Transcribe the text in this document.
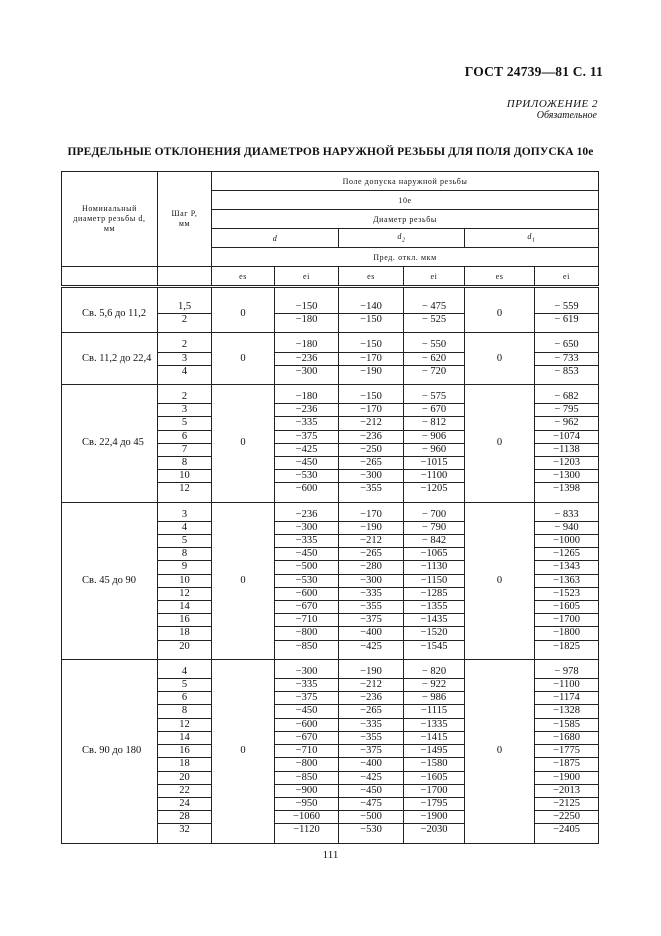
ГОСТ 24739—81 С. 11
ПРИЛОЖЕНИЕ 2
Обязательное
ПРЕДЕЛЬНЫЕ ОТКЛОНЕНИЯ ДИАМЕТРОВ НАРУЖНОЙ РЕЗЬБЫ ДЛЯ ПОЛЯ ДОПУСКА 10е
Номинальный
диаметр резьбы d,
мм	Шаг P,
мм	Поле допуска наружной резьбы					
		10е					
		Диаметр резьбы					
		d		$d_2$		$d_1$
		Пред. откл. мкм					
		es	ei	es	ei	es	ei

Св. 5,6 до 11,2	1,5	0	−150	−140	− 475	0	− 559
	2		−180	−150	− 525		− 619

Св. 11,2 до 22,4	2	0	−180	−150	− 550	0	− 650
	3		−236	−170	− 620		− 733
	4		−300	−190	− 720		− 853

Св. 22,4 до 45	2	0	−180	−150	− 575	0	− 682
	3		−236	−170	− 670		− 795
	5		−335	−212	− 812		− 962
	6		−375	−236	− 906		−1074
	7		−425	−250	− 960		−1138
	8		−450	−265	−1015		−1203
	10		−530	−300	−1100		−1300
	12		−600	−355	−1205		−1398

Св. 45 до 90	3	0	−236	−170	− 700	0	− 833
	4		−300	−190	− 790		− 940
	5		−335	−212	− 842		−1000
	8		−450	−265	−1065		−1265
	9		−500	−280	−1130		−1343
	10		−530	−300	−1150		−1363
	12		−600	−335	−1285		−1523
	14		−670	−355	−1355		−1605
	16		−710	−375	−1435		−1700
	18		−800	−400	−1520		−1800
	20		−850	−425	−1545		−1825

Св. 90 до 180	4	0	−300	−190	− 820	0	− 978
	5		−335	−212	− 922		−1100
	6		−375	−236	− 986		−1174
	8		−450	−265	−1115		−1328
	12		−600	−335	−1335		−1585
	14		−670	−355	−1415		−1680
	16		−710	−375	−1495		−1775
	18		−800	−400	−1580		−1875
	20		−850	−425	−1605		−1900
	22		−900	−450	−1700		−2013
	24		−950	−475	−1795		−2125
	28		−1060	−500	−1900		−2250
	32		−1120	−530	−2030		−2405

111
